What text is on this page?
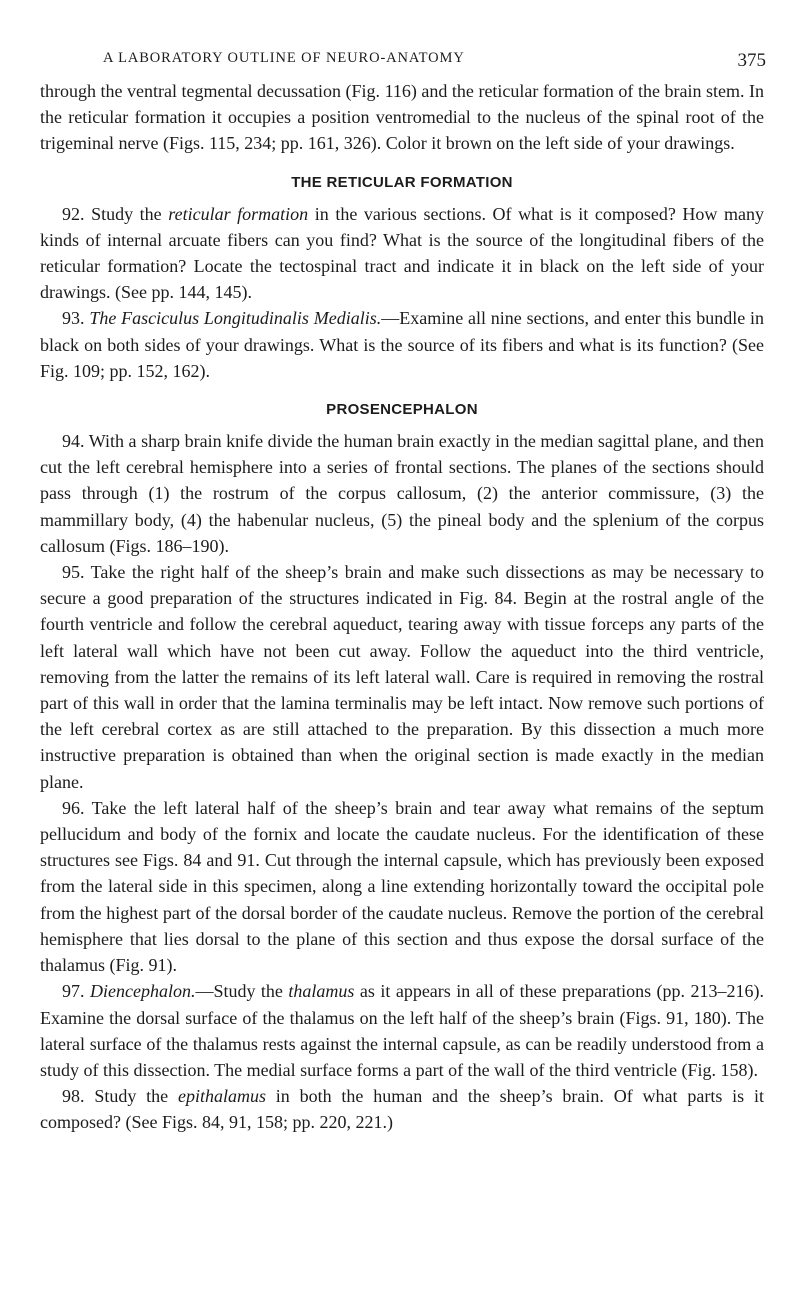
A LABORATORY OUTLINE OF NEURO-ANATOMY	375

through the ventral tegmental decussation (Fig. 116) and the reticular formation of the brain stem. In the reticular formation it occupies a position ventromedial to the nucleus of the spinal root of the trigeminal nerve (Figs. 115, 234; pp. 161, 326). Color it brown on the left side of your drawings.

THE RETICULAR FORMATION

92. Study the reticular formation in the various sections. Of what is it composed? How many kinds of internal arcuate fibers can you find? What is the source of the longitudinal fibers of the reticular formation? Locate the tectospinal tract and indicate it in black on the left side of your drawings. (See pp. 144, 145).

93. The Fasciculus Longitudinalis Medialis.—Examine all nine sections, and enter this bundle in black on both sides of your drawings. What is the source of its fibers and what is its function? (See Fig. 109; pp. 152, 162).

PROSENCEPHALON

94. With a sharp brain knife divide the human brain exactly in the median sagittal plane, and then cut the left cerebral hemisphere into a series of frontal sections. The planes of the sections should pass through (1) the rostrum of the corpus callosum, (2) the anterior commissure, (3) the mammillary body, (4) the habenular nucleus, (5) the pineal body and the splenium of the corpus callosum (Figs. 186–190).

95. Take the right half of the sheep’s brain and make such dissections as may be necessary to secure a good preparation of the structures indicated in Fig. 84. Begin at the rostral angle of the fourth ventricle and follow the cerebral aqueduct, tearing away with tissue forceps any parts of the left lateral wall which have not been cut away. Follow the aqueduct into the third ventricle, removing from the latter the remains of its left lateral wall. Care is required in removing the rostral part of this wall in order that the lamina terminalis may be left intact. Now remove such portions of the left cerebral cortex as are still attached to the preparation. By this dissection a much more instructive preparation is obtained than when the original section is made exactly in the median plane.

96. Take the left lateral half of the sheep’s brain and tear away what remains of the septum pellucidum and body of the fornix and locate the caudate nucleus. For the identification of these structures see Figs. 84 and 91. Cut through the internal capsule, which has previously been exposed from the lateral side in this specimen, along a line extending horizontally toward the occipital pole from the highest part of the dorsal border of the caudate nucleus. Remove the portion of the cerebral hemisphere that lies dorsal to the plane of this section and thus expose the dorsal surface of the thalamus (Fig. 91).

97. Diencephalon.—Study the thalamus as it appears in all of these preparations (pp. 213–216). Examine the dorsal surface of the thalamus on the left half of the sheep’s brain (Figs. 91, 180). The lateral surface of the thalamus rests against the internal capsule, as can be readily understood from a study of this dissection. The medial surface forms a part of the wall of the third ventricle (Fig. 158).

98. Study the epithalamus in both the human and the sheep’s brain. Of what parts is it composed? (See Figs. 84, 91, 158; pp. 220, 221.)
